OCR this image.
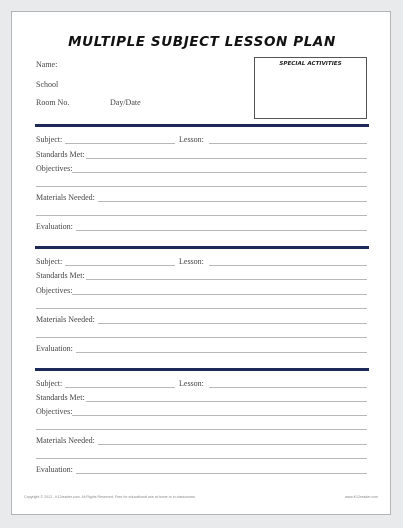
MULTIPLE SUBJECT LESSON PLAN
Name:
School
Room No.	Day/Date
SPECIAL ACTIVITIES
Subject:	Lesson:
Standards Met:
Objectives:
Materials Needed:
Evaluation:
Subject:	Lesson:
Standards Met:
Objectives:
Materials Needed:
Evaluation:
Subject:	Lesson:
Standards Met:
Objectives:
Materials Needed:
Evaluation:
Copyright © 2012 - K12reader.com. All Rights Reserved. Free for educational use at home or in classrooms.	www.K12reader.com
